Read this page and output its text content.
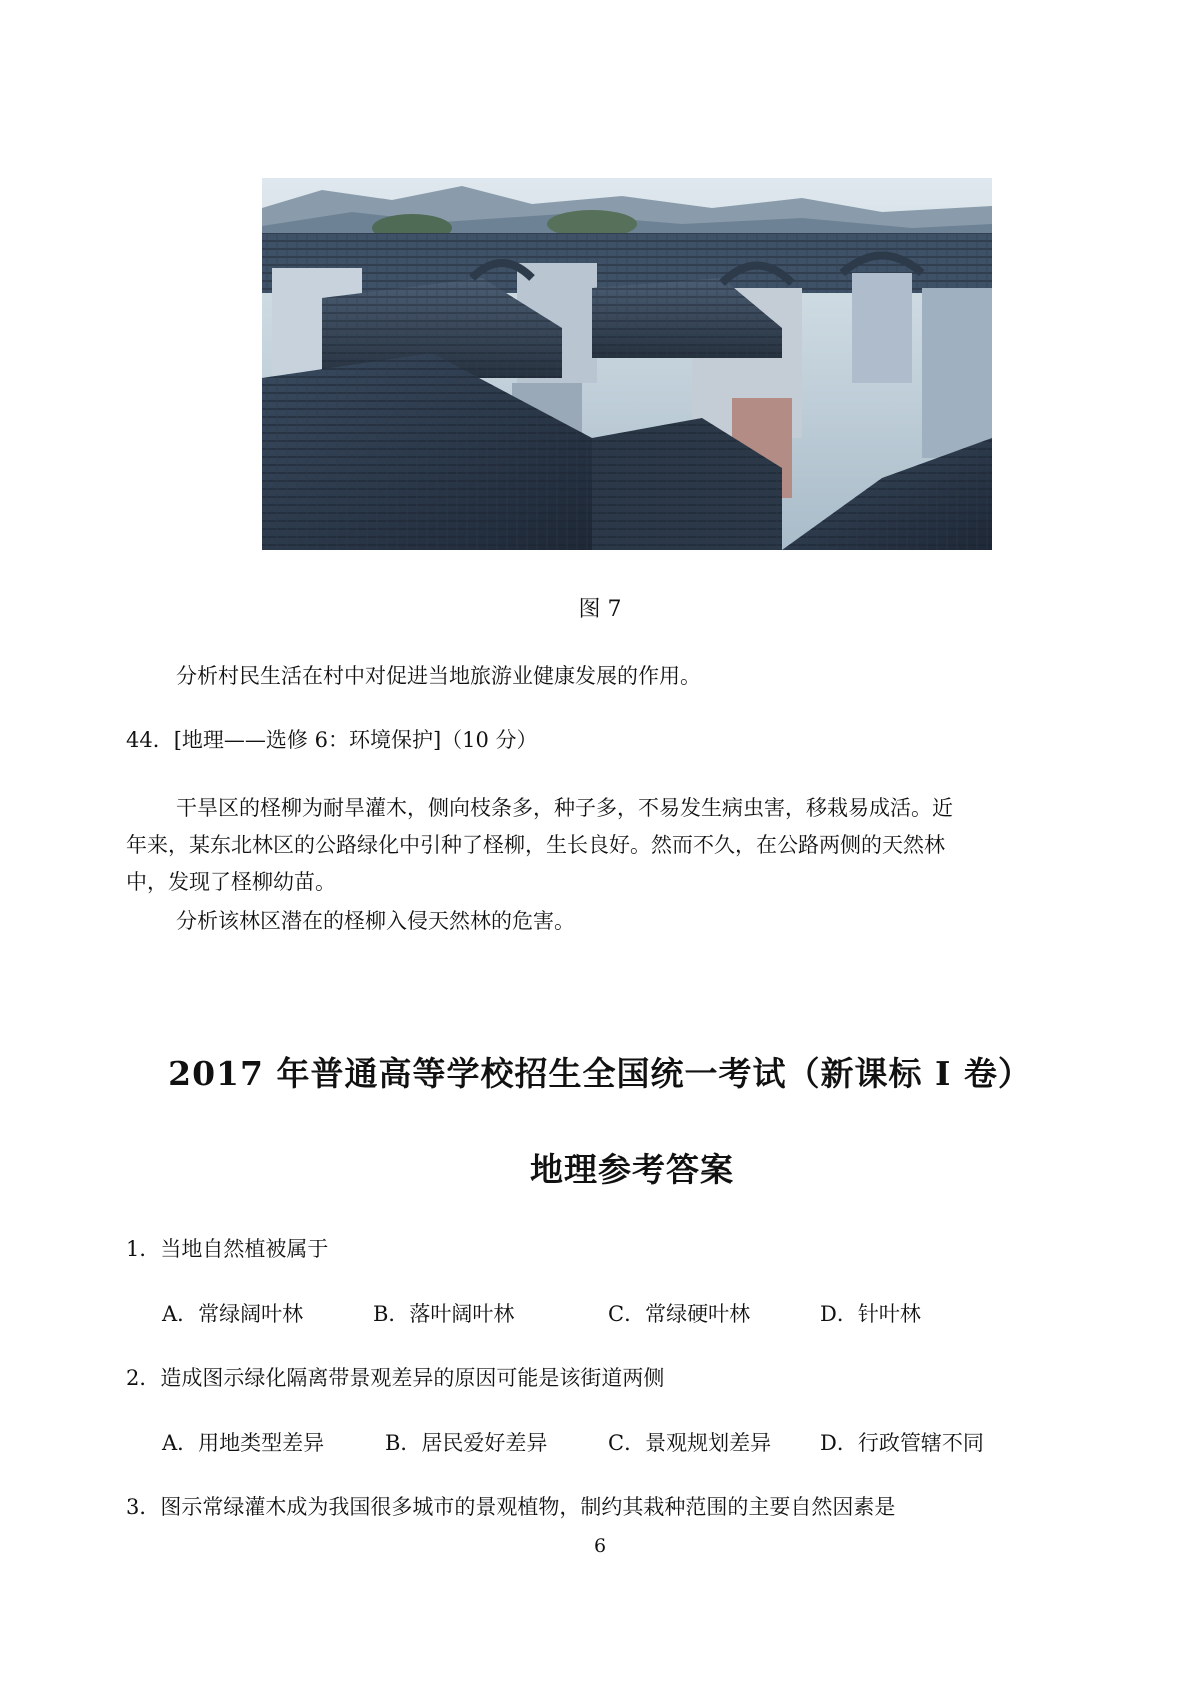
图 7
分析村民生活在村中对促进当地旅游业健康发展的作用。
44．[地理——选修 6：环境保护]（10 分）
干旱区的柽柳为耐旱灌木，侧向枝条多，种子多，不易发生病虫害，移栽易成活。近
年来，某东北林区的公路绿化中引种了柽柳，生长良好。然而不久，在公路两侧的天然林
中，发现了柽柳幼苗。
分析该林区潜在的柽柳入侵天然林的危害。
2017 年普通高等学校招生全国统一考试（新课标 I 卷）
地理参考答案
1．当地自然植被属于
A．常绿阔叶林	B．落叶阔叶林	C．常绿硬叶林	D．针叶林
2．造成图示绿化隔离带景观差异的原因可能是该街道两侧
A．用地类型差异	B．居民爱好差异	C．景观规划差异 D．行政管辖不同
3．图示常绿灌木成为我国很多城市的景观植物，制约其栽种范围的主要自然因素是
6
